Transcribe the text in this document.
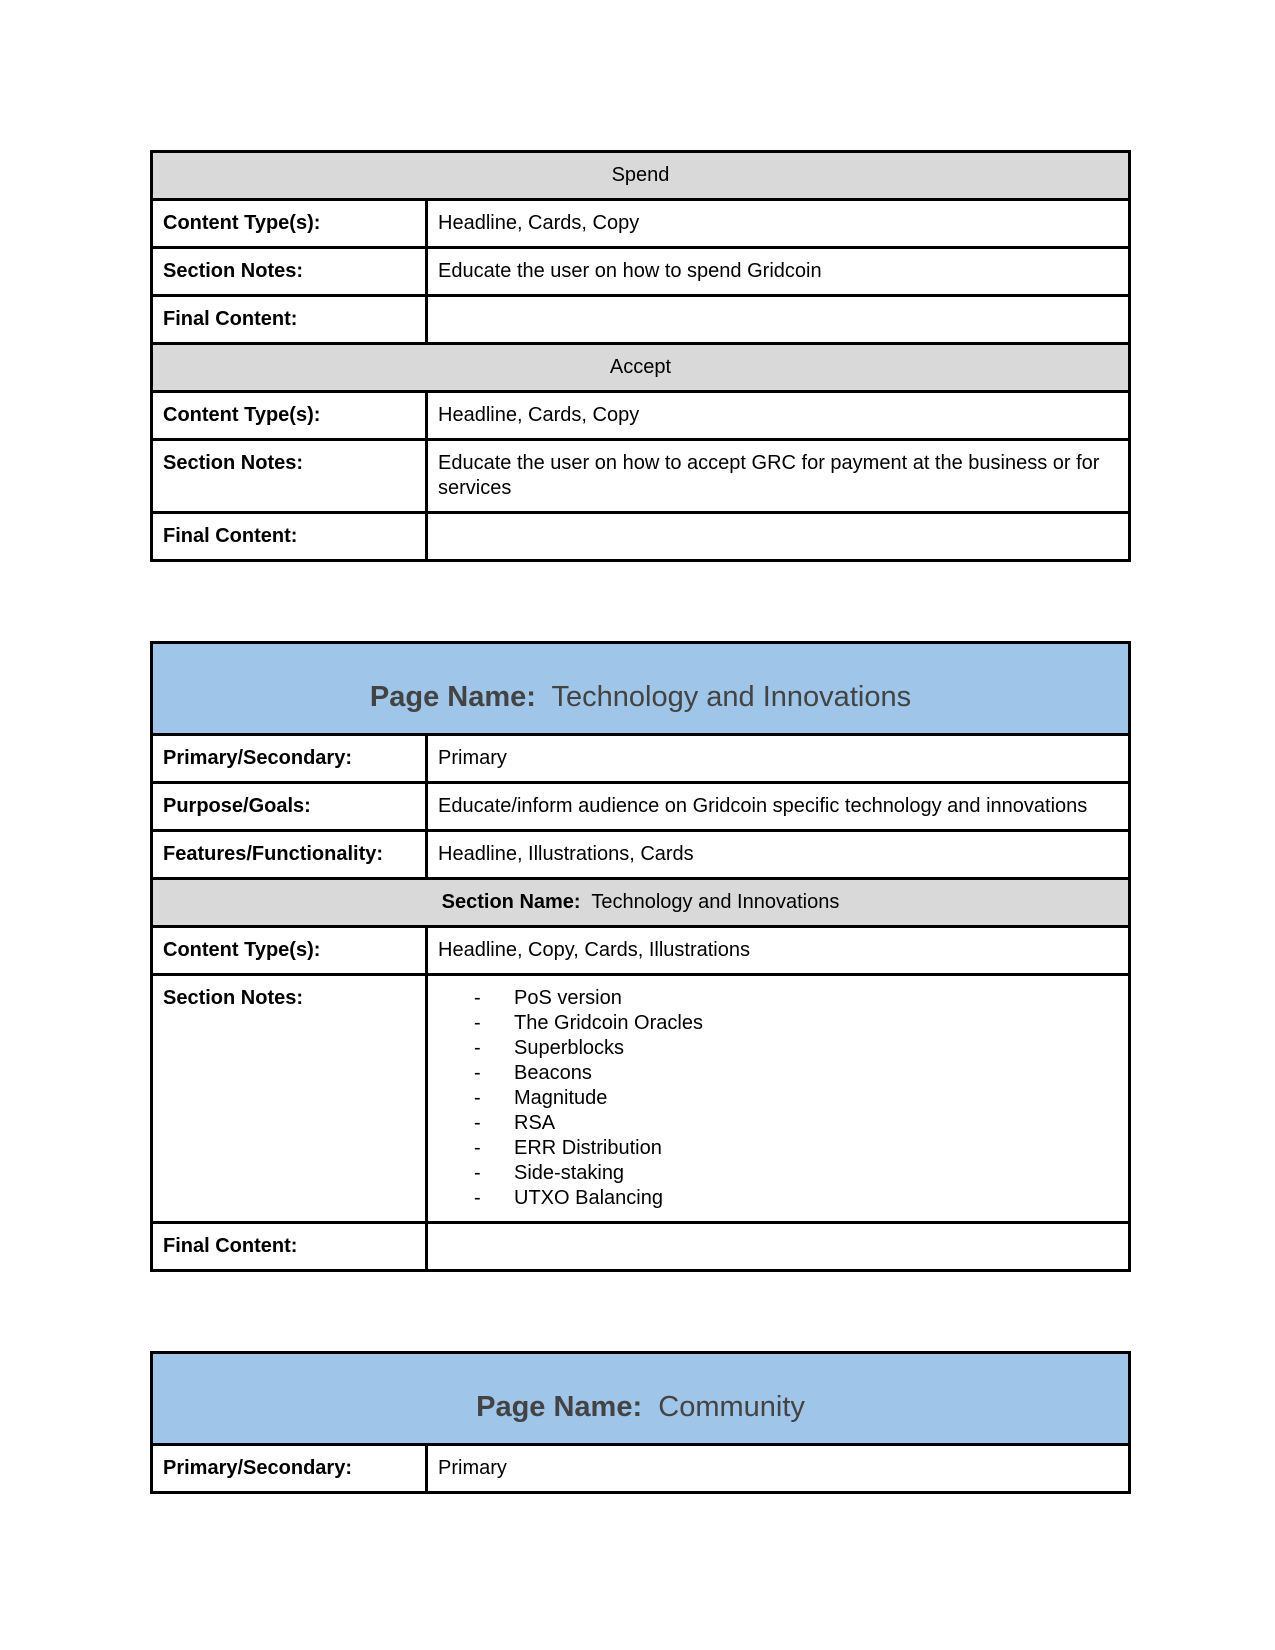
Spend	
Content Type(s):	Headline, Cards, Copy
Section Notes:	Educate the user on how to spend Gridcoin
Final Content:	
Accept	
Content Type(s):	Headline, Cards, Copy
Section Notes:	Educate the user on how to accept GRC for payment at the business or for services
Final Content:	
Page Name: Technology and Innovations	
Primary/Secondary:	Primary
Purpose/Goals:	Educate/inform audience on Gridcoin specific technology and innovations
Features/Functionality:	Headline, Illustrations, Cards
Section Name: Technology and Innovations	
Content Type(s):	Headline, Copy, Cards, Illustrations
Section Notes:	- PoS version
- The Gridcoin Oracles
- Superblocks
- Beacons
- Magnitude
- RSA
- ERR Distribution
- Side-staking
- UTXO Balancing

Final Content:	
Page Name: Community
Primary/Secondary:	Primary
